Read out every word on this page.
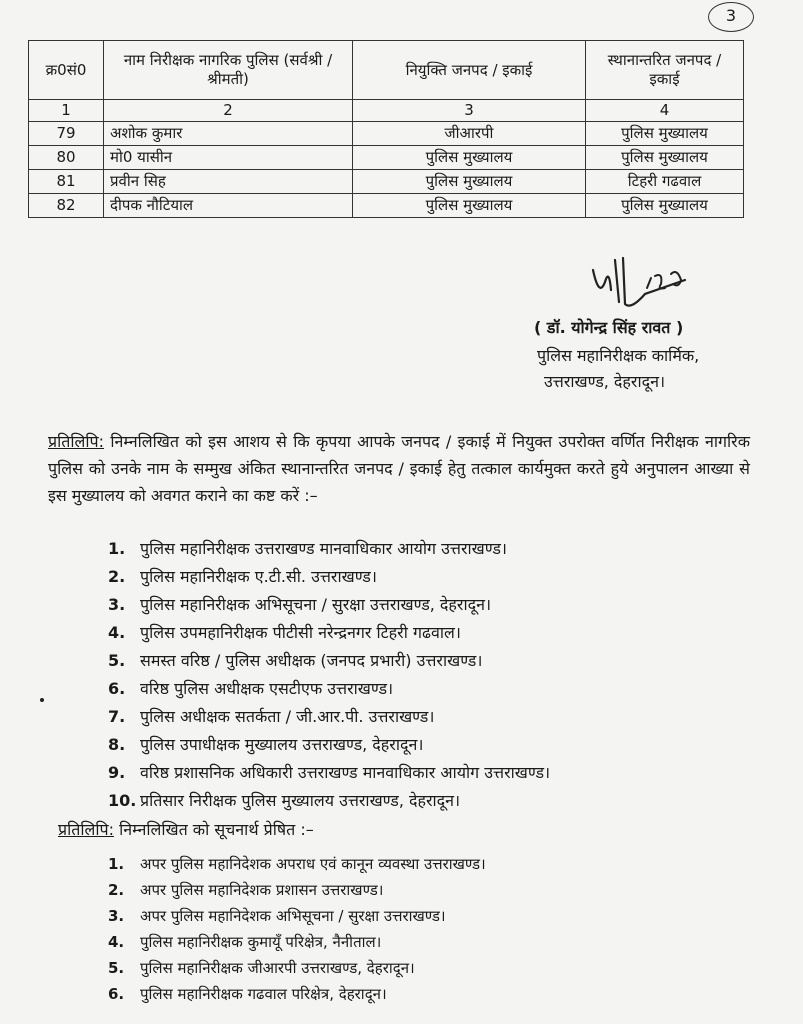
3
क्र0सं0	नाम निरीक्षक नागरिक पुलिस (सर्वश्री / श्रीमती)	नियुक्ति जनपद / इकाई	स्थानान्तरित जनपद / इकाई
1	2	3	4
79	अशोक कुमार	जीआरपी	पुलिस मुख्यालय
80	मो0 यासीन	पुलिस मुख्यालय	पुलिस मुख्यालय
81	प्रवीन सिह	पुलिस मुख्यालय	टिहरी गढवाल
82	दीपक नौटियाल	पुलिस मुख्यालय	पुलिस मुख्यालय
( डॉ. योगेन्द्र सिंह रावत )
पुलिस महानिरीक्षक कार्मिक,
उत्तराखण्ड, देहरादून।
प्रतिलिपि: निम्नलिखित को इस आशय से कि कृपया आपके जनपद / इकाई में नियुक्त उपरोक्त वर्णित निरीक्षक नागरिक पुलिस को उनके नाम के सम्मुख अंकित स्थानान्तरित जनपद / इकाई हेतु तत्काल कार्यमुक्त करते हुये अनुपालन आख्या से इस मुख्यालय को अवगत कराने का कष्ट करें :–
1. पुलिस महानिरीक्षक उत्तराखण्ड मानवाधिकार आयोग उत्तराखण्ड।
2. पुलिस महानिरीक्षक ए.टी.सी. उत्तराखण्ड।
3. पुलिस महानिरीक्षक अभिसूचना / सुरक्षा उत्तराखण्ड, देहरादून।
4. पुलिस उपमहानिरीक्षक पीटीसी नरेन्द्रनगर टिहरी गढवाल।
5. समस्त वरिष्ठ / पुलिस अधीक्षक (जनपद प्रभारी) उत्तराखण्ड।
6. वरिष्ठ पुलिस अधीक्षक एसटीएफ उत्तराखण्ड।
7. पुलिस अधीक्षक सतर्कता / जी.आर.पी. उत्तराखण्ड।
8. पुलिस उपाधीक्षक मुख्यालय उत्तराखण्ड, देहरादून।
9. वरिष्ठ प्रशासनिक अधिकारी उत्तराखण्ड मानवाधिकार आयोग उत्तराखण्ड।
10. प्रतिसार निरीक्षक पुलिस मुख्यालय उत्तराखण्ड, देहरादून।
प्रतिलिपि: निम्नलिखित को सूचनार्थ प्रेषित :–
1. अपर पुलिस महानिदेशक अपराध एवं कानून व्यवस्था उत्तराखण्ड।
2. अपर पुलिस महानिदेशक प्रशासन उत्तराखण्ड।
3. अपर पुलिस महानिदेशक अभिसूचना / सुरक्षा उत्तराखण्ड।
4. पुलिस महानिरीक्षक कुमायूँ परिक्षेत्र, नैनीताल।
5. पुलिस महानिरीक्षक जीआरपी उत्तराखण्ड, देहरादून।
6. पुलिस महानिरीक्षक गढवाल परिक्षेत्र, देहरादून।
